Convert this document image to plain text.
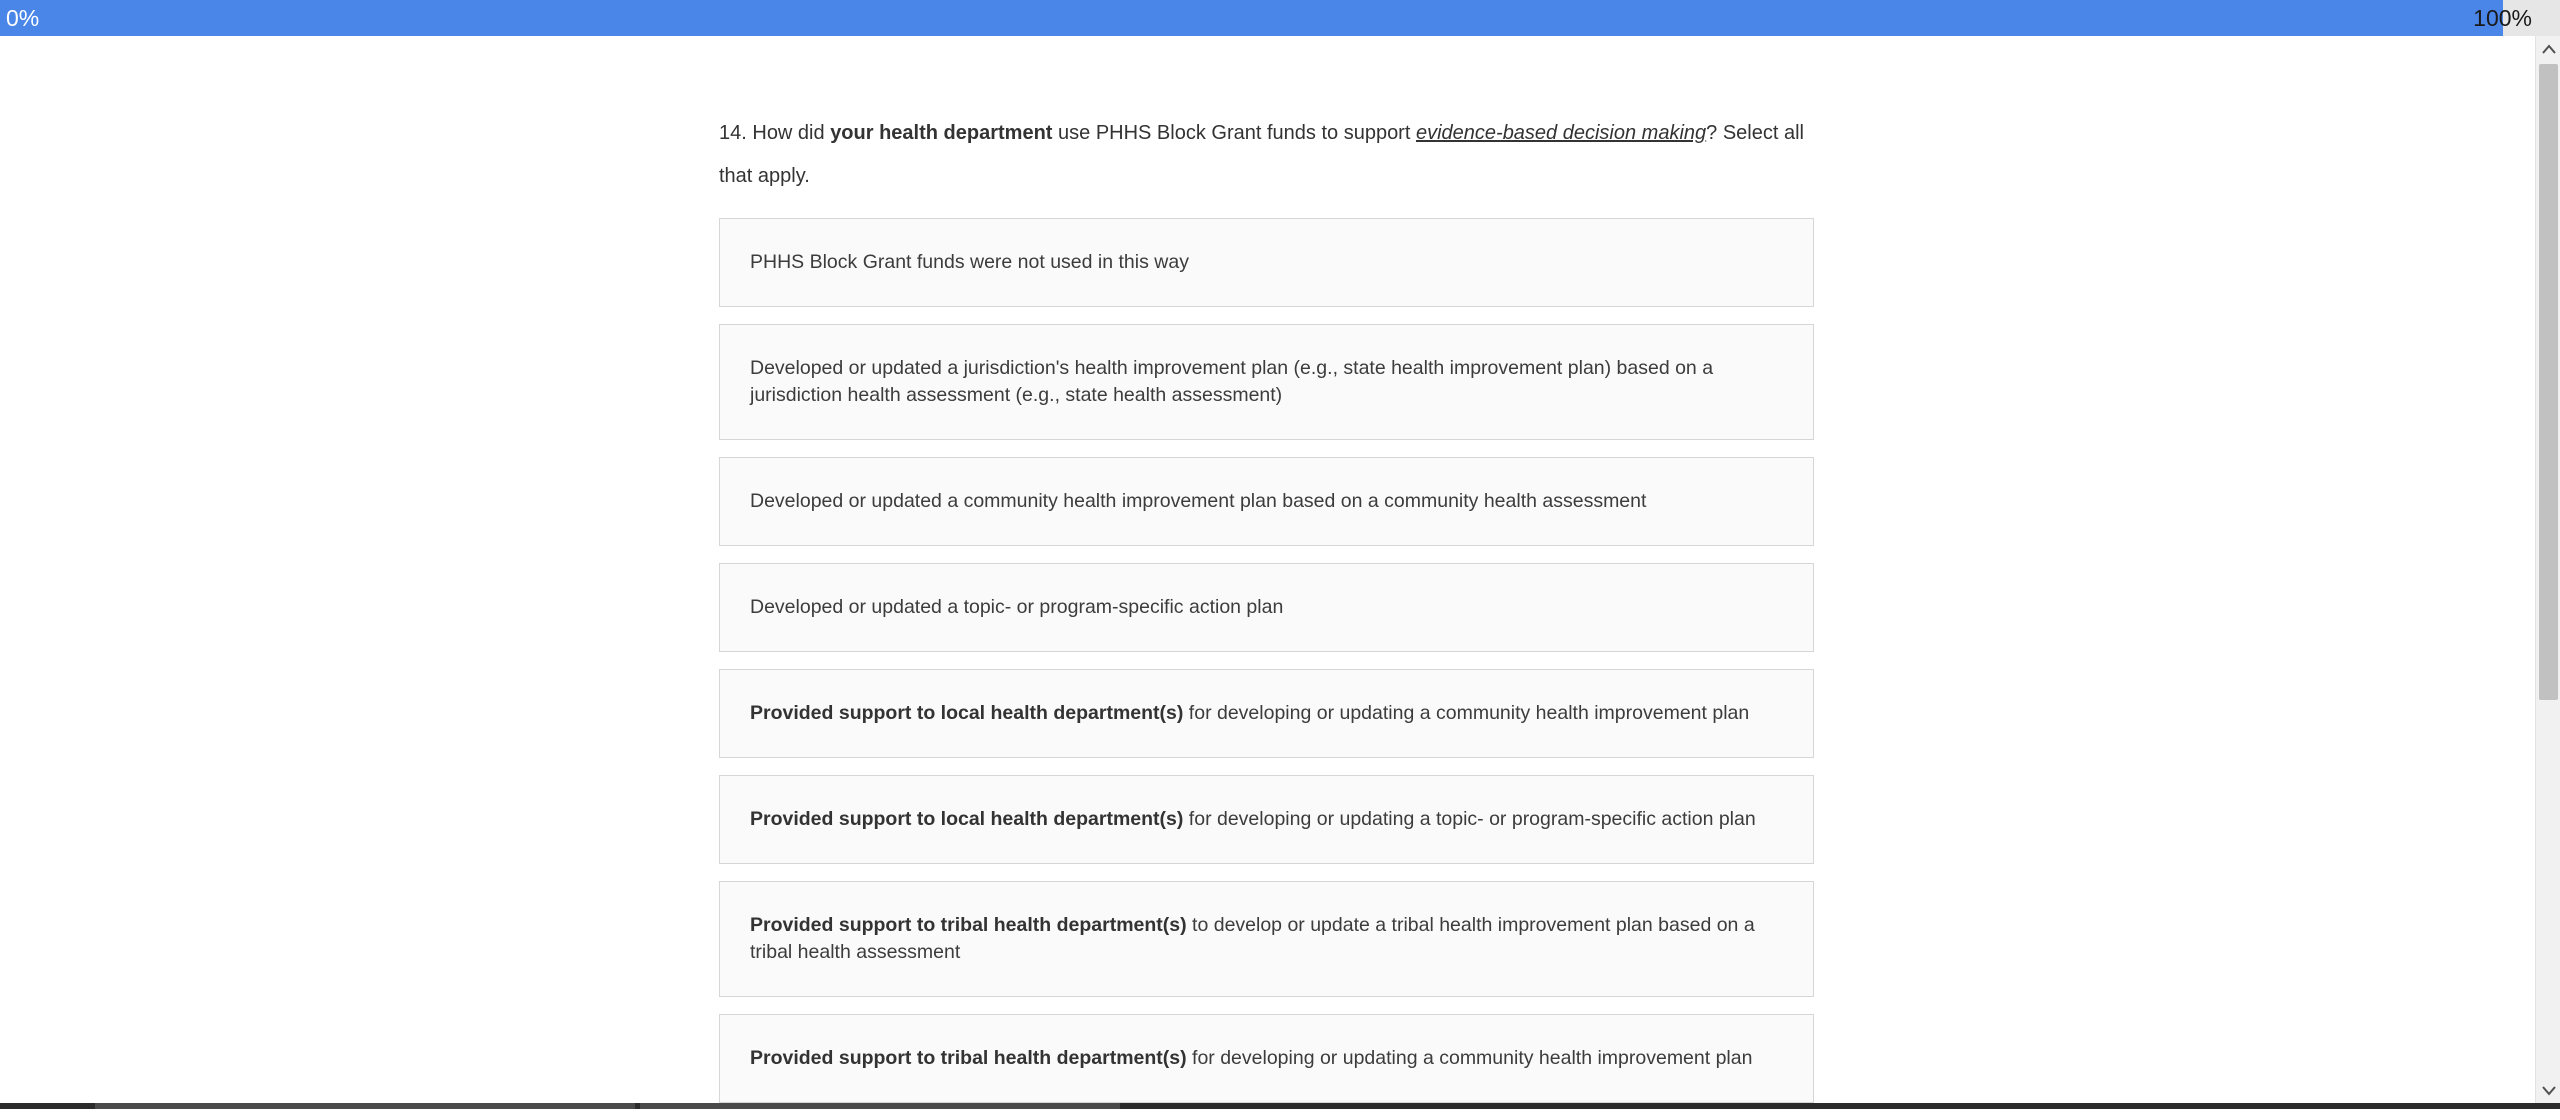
0%	100%
14. How did your health department use PHHS Block Grant funds to support evidence-based decision making? Select all that apply.
PHHS Block Grant funds were not used in this way
Developed or updated a jurisdiction's health improvement plan (e.g., state health improvement plan) based on a jurisdiction health assessment (e.g., state health assessment)
Developed or updated a community health improvement plan based on a community health assessment
Developed or updated a topic- or program-specific action plan
Provided support to local health department(s) for developing or updating a community health improvement plan
Provided support to local health department(s) for developing or updating a topic- or program-specific action plan
Provided support to tribal health department(s) to develop or update a tribal health improvement plan based on a tribal health assessment
Provided support to tribal health department(s) for developing or updating a community health improvement plan
